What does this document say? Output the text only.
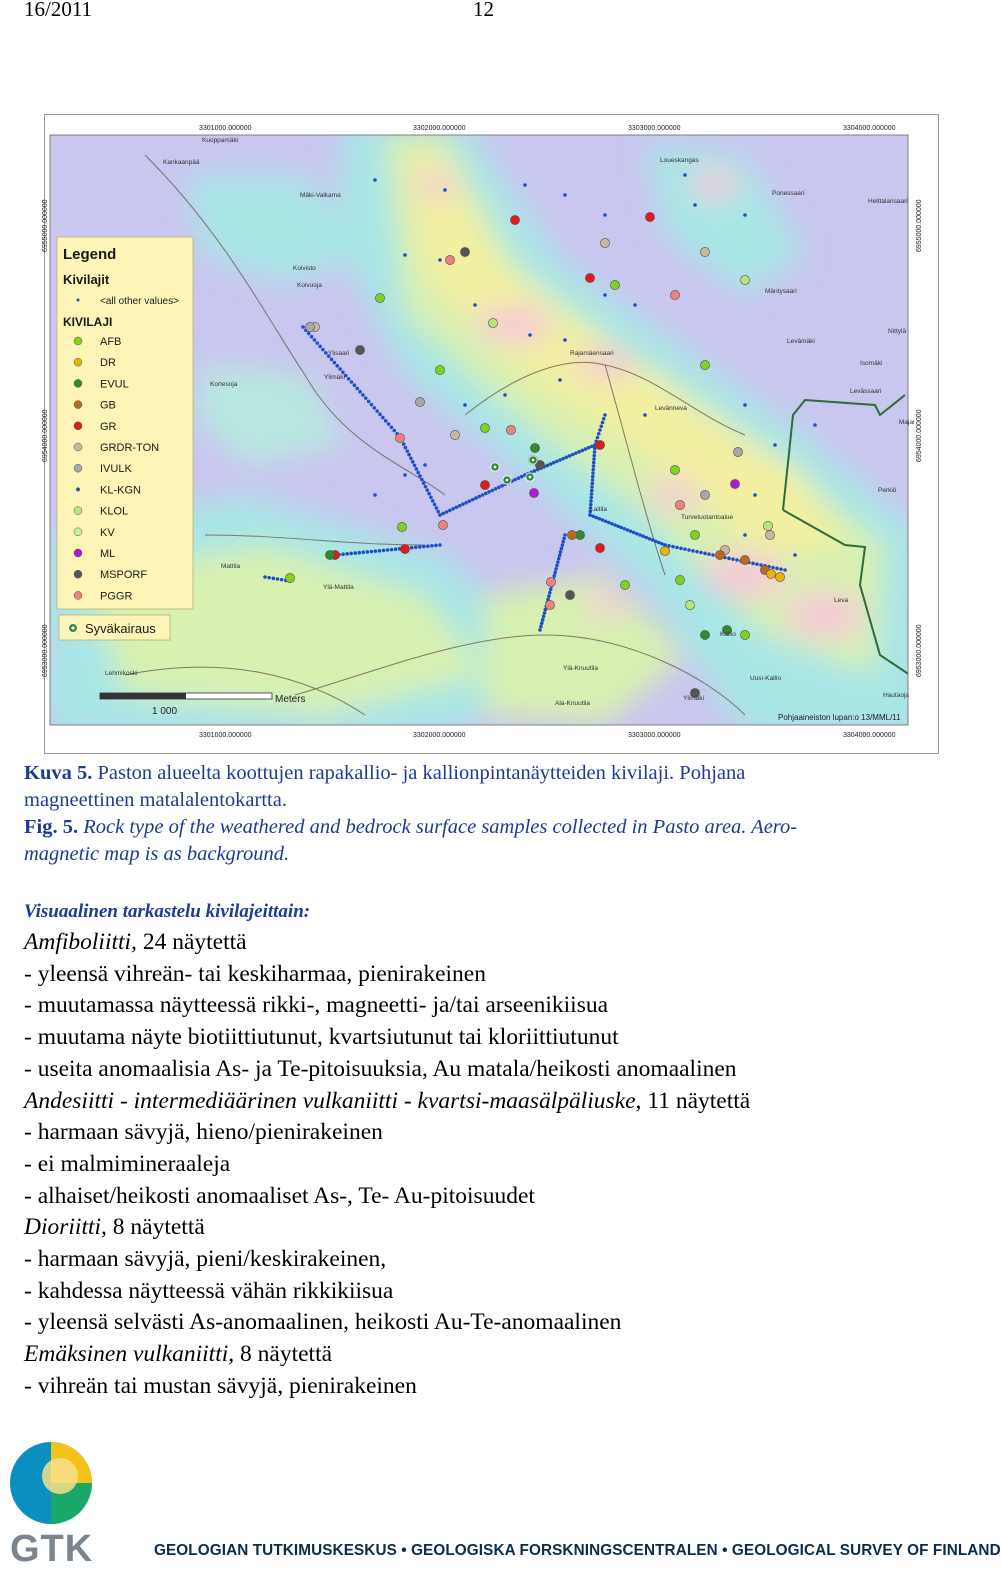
16/2011	12
3301000.000000	3302000.000000	3303000.000000	3304000.000000
3301000.000000	3302000.000000	3303000.000000	3304000.000000
6955000.000000
6954000.000000
6953000.000000
6955000.000000
6954000.000000
6953000.000000
Kuoppamäki
Kankaanpää
Mäki-Valkama
Loueskangas
Ponessaari
Heittalansaari
Koivisto
Koivuoja
Mäntysaari
Nittylä
Rajamäensaari
Levämäki
Ylisaari
Ylimäki
Isomäki
Kortesoja
Levänneva
Levässaari
Majal
Laitila
Perkiö
Turvetuotantoalue
Mattila
Ylä-Mattila
Leva
Kallio
Lehmikoski
Ylä-Knuutila
Uusi-Kallio
Ala-Knuutila
Ylimäki	Hautaoja
Legend
Kivilajit
<all other values>
KIVILAJI
AFB
DR
EVUL
GB
GR
GRDR-TON
IVULK
KL-KGN
KLOL
KV
ML
MSPORF
PGGR
Syväkairaus
1 000
Meters
Pohjaaineiston lupan:o 13/MML/11
Kuva 5. Paston alueelta koottujen rapakallio- ja kallionpintanäytteiden kivilaji. Pohjana
magneettinen matalalentokartta.
Fig. 5. Rock type of the weathered and bedrock surface samples collected in Pasto area. Aero-
magnetic map is as background.
Visuaalinen tarkastelu kivilajeittain:
Amfiboliitti, 24 näytettä
- yleensä vihreän- tai keskiharmaa, pienirakeinen
- muutamassa näytteessä rikki-, magneetti- ja/tai arseenikiisua
- muutama näyte biotiittiutunut, kvartsiutunut tai kloriittiutunut
- useita anomaalisia As- ja Te-pitoisuuksia, Au matala/heikosti anomaalinen
Andesiitti - intermediäärinen vulkaniitti - kvartsi-maasälpäliuske, 11 näytettä
- harmaan sävyjä, hieno/pienirakeinen
- ei malmimineraaleja
- alhaiset/heikosti anomaaliset As-, Te- Au-pitoisuudet
Dioriitti, 8 näytettä
- harmaan sävyjä, pieni/keskirakeinen,
- kahdessa näytteessä vähän rikkikiisua
- yleensä selvästi As-anomaalinen, heikosti Au-Te-anomaalinen
Emäksinen vulkaniitti, 8 näytettä
- vihreän tai mustan sävyjä, pienirakeinen
GTK	GEOLOGIAN TUTKIMUSKESKUS • GEOLOGISKA FORSKNINGSCENTRALEN • GEOLOGICAL SURVEY OF FINLAND
